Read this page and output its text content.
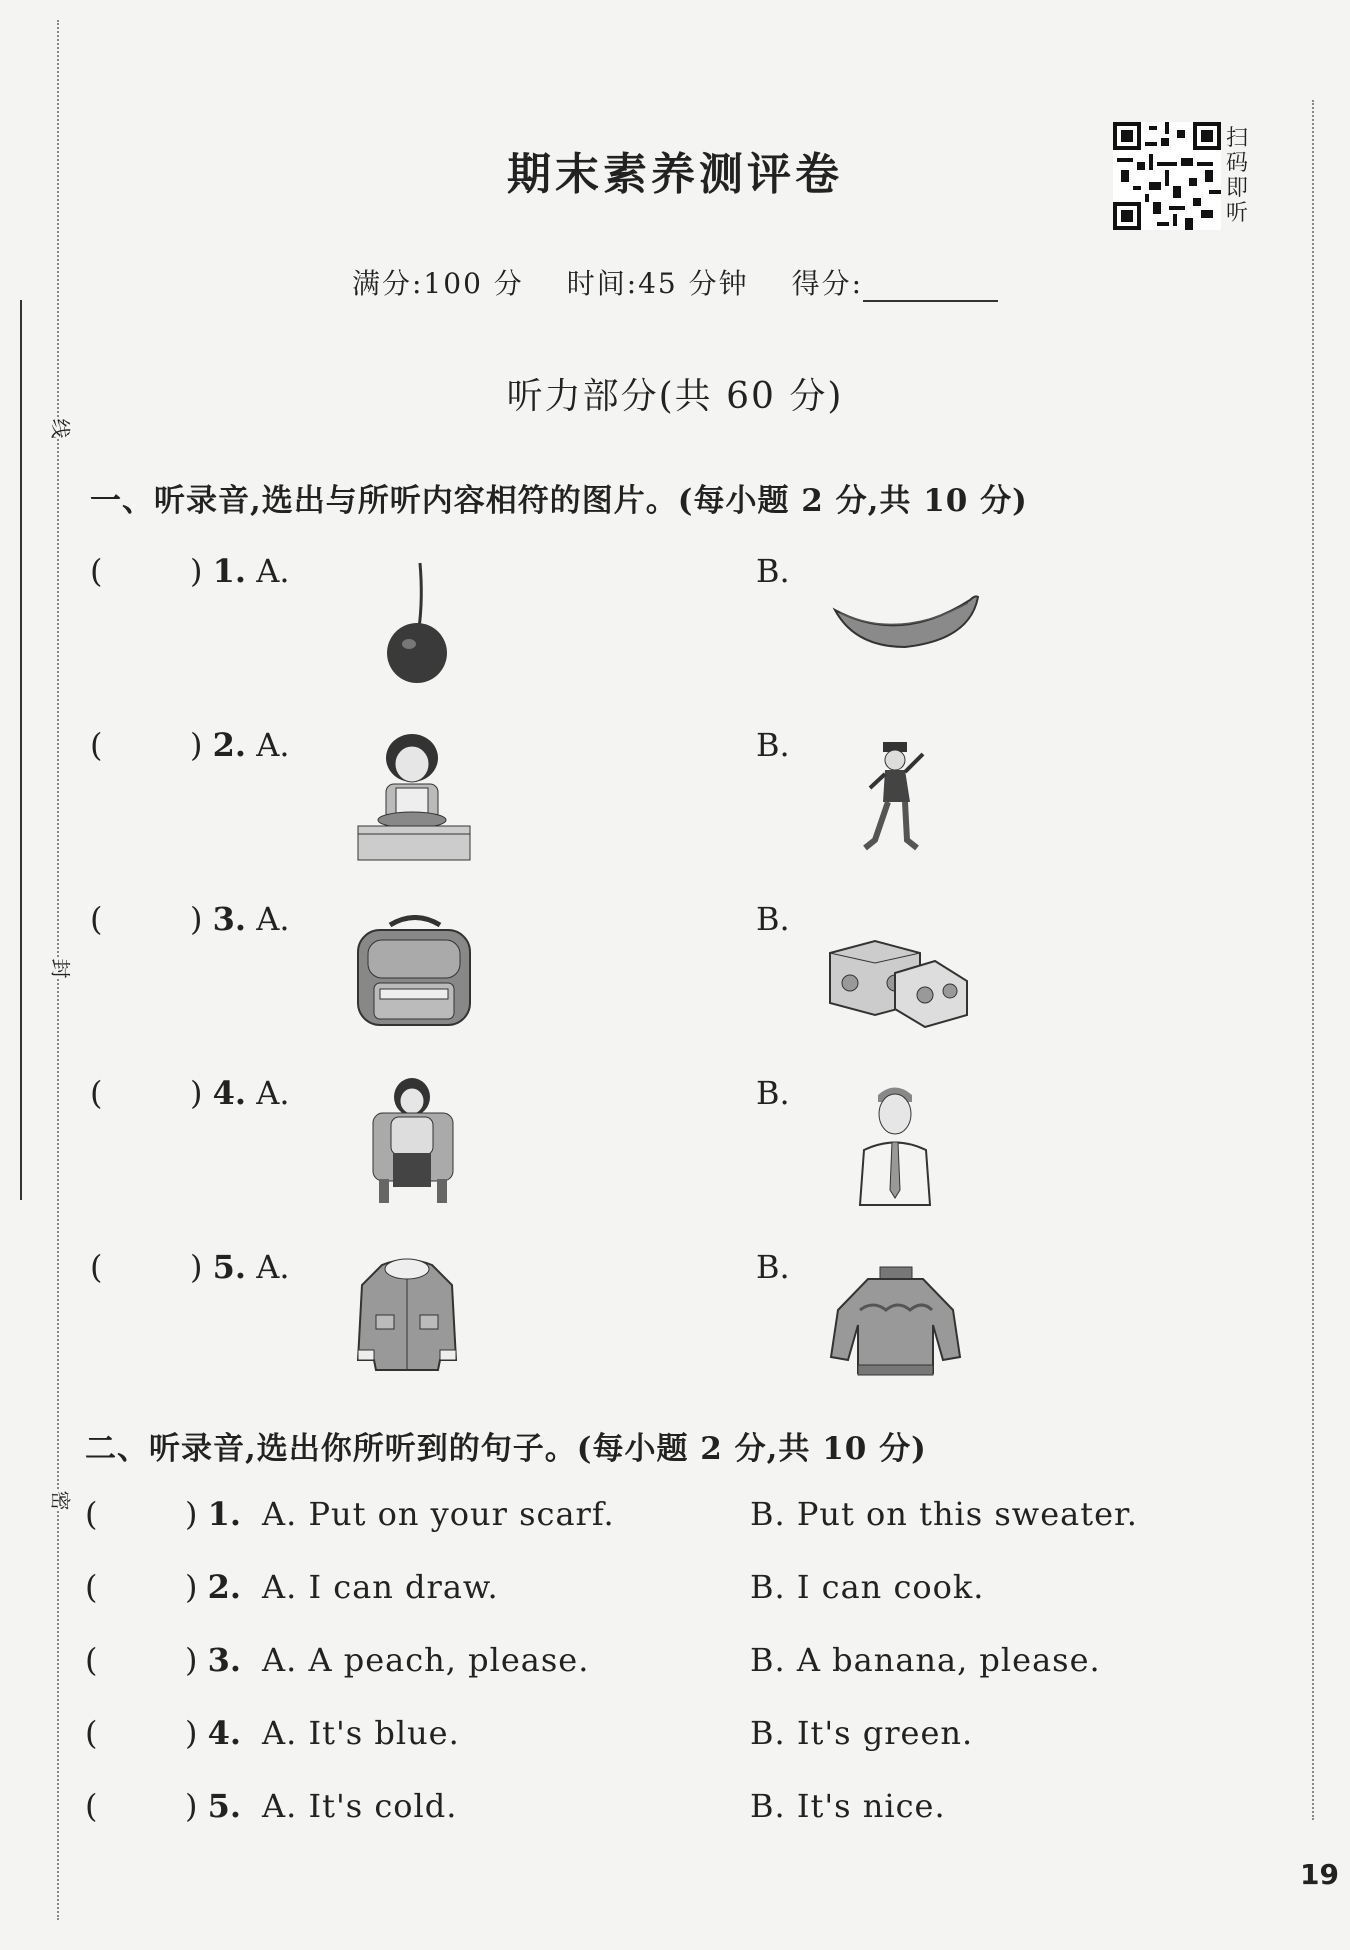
线
封
密
扫
码
即
听
期末素养测评卷
满分:100 分 时间:45 分钟 得分:
听力部分(共 60 分)
一、听录音,选出与所听内容相符的图片。(每小题 2 分,共 10 分)
(	) 1. A.	B.
(	) 2. A.	B.
(	) 3. A.	B.
(	) 4. A.	B.
(	) 5. A.	B.
二、听录音,选出你所听到的句子。(每小题 2 分,共 10 分)
(	) 1. A. Put on your scarf.	B. Put on this sweater.
(	) 2. A. I can draw.	B. I can cook.
(	) 3. A. A peach, please.	B. A banana, please.
(	) 4. A. It's blue.	B. It's green.
(	) 5. A. It's cold.	B. It's nice.
19
